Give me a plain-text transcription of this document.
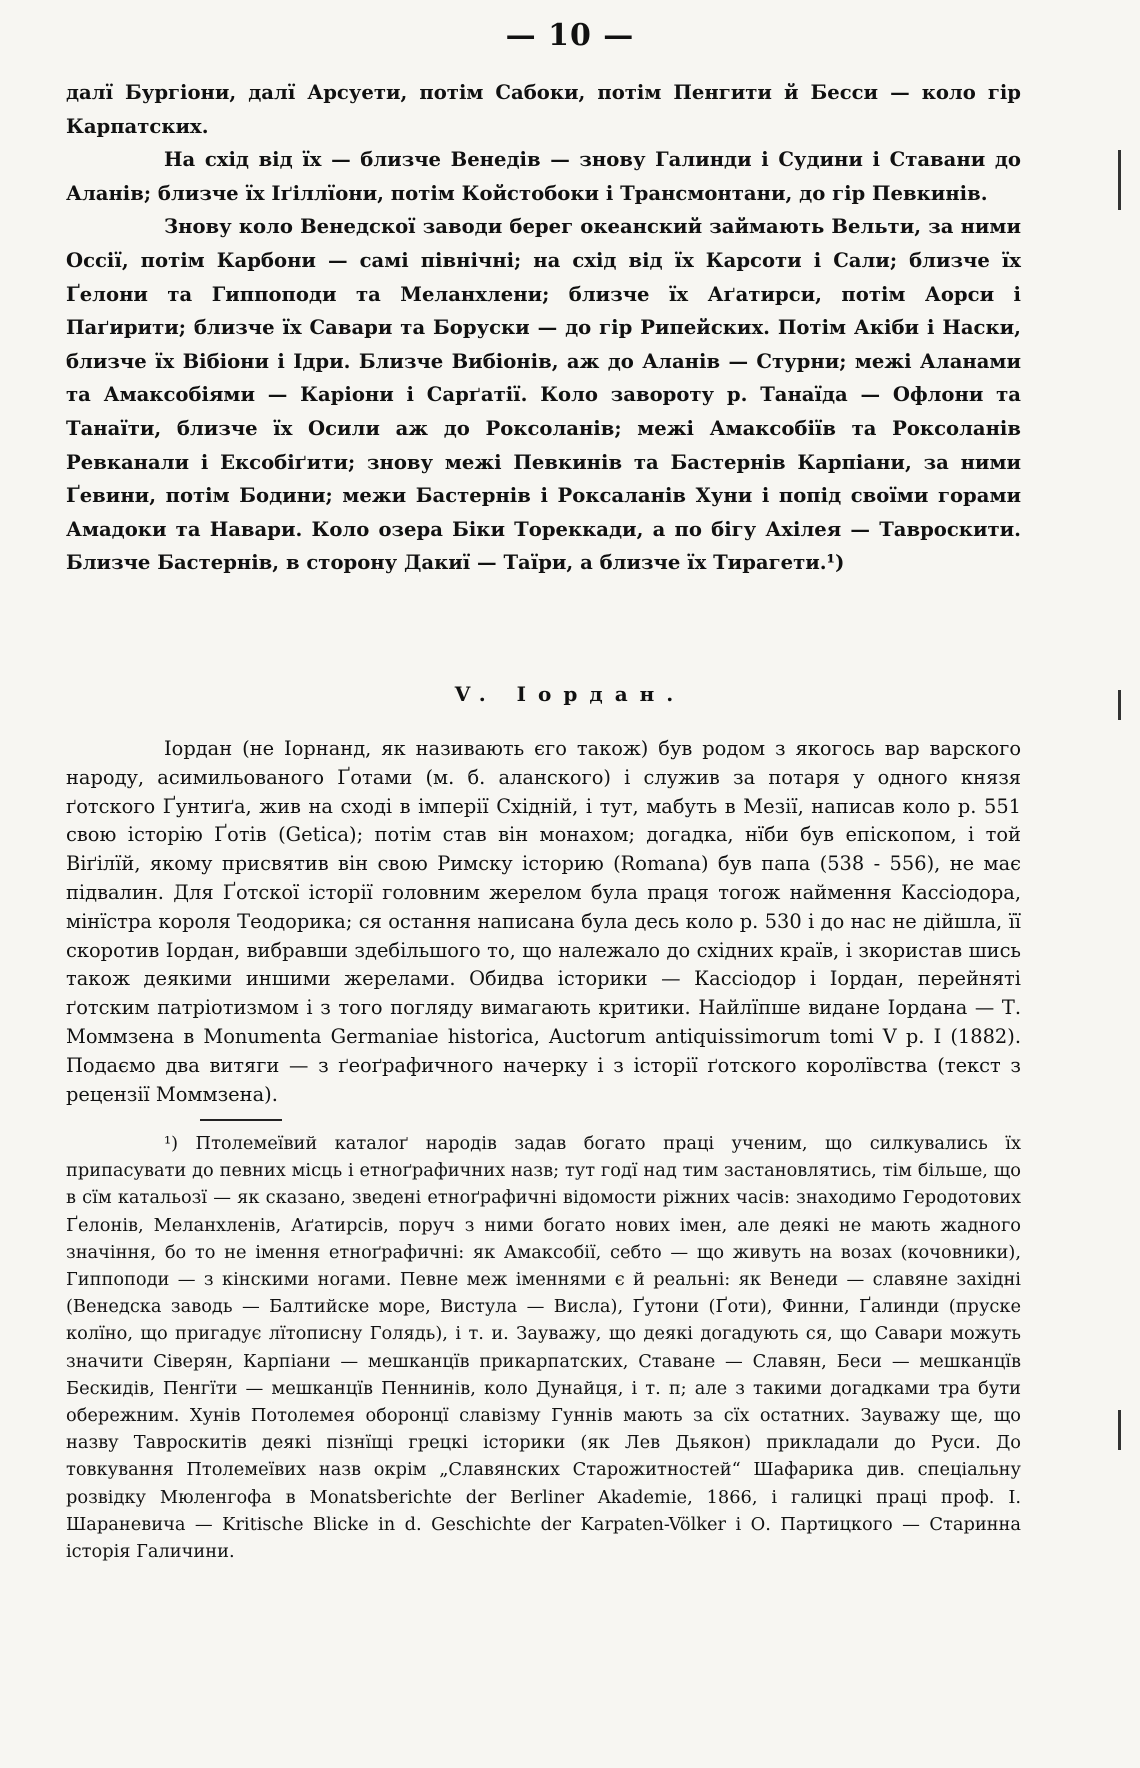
— 10 —

далї Бургіони, далї Арсуети, потім Сабоки, потім Пенгити й Бесси — коло гір Карпатских.

На схід від їх — близче Венедів — знову Галинди і Судини і Ставани до Аланів; близче їх Іґіллїони, потім Койстобоки і Трансмонтани, до гір Певкинів.

Знову коло Венедскої заводи берег океанский займають Вельти, за ними Оссії, потім Карбони — самі північні; на схід від їх Карсоти і Сали; близче їх Ґелони та Гиппоподи та Меланхлени; близче їх Аґатирси, потім Аорси і Паґирити; близче їх Савари та Боруски — до гір Рипейских. Потім Акіби і Наски, близче їх Вібіони і Ідри. Близче Вибіонів, аж до Аланів — Стурни; межі Аланами та Амаксобіями — Каріони і Сарґатії. Коло завороту р. Танаїда — Офлони та Танаїти, близче їх Осили аж до Роксоланів; межі Амаксобіїв та Роксоланів Ревканали і Ексобіґити; знову межі Певкинів та Бастернів Карпіани, за ними Ґевини, потім Бодини; межи Бастернів і Роксаланів Хуни і попід своїми горами Амадоки та Навари. Коло озера Біки Тореккади, а по бігу Ахілея — Тавроскити. Близче Бастернів, в сторону Дакиї — Таїри, а близче їх Тирагети.¹)

V. Іордан.

Іордан (не Іорнанд, як називають єго також) був родом з якогось вар варского народу, асимильованого Ґотами (м. б. аланского) і служив за потаря у одного князя ґотского Ґунтиґа, жив на сході в імперії Східній, і тут, мабуть в Мезії, написав коло р. 551 свою історію Ґотів (Getica); потім став він монахом; догадка, нїби був епіскопом, і той Віґілїй, якому присвятив він свою Римску історию (Romana) був папа (538 - 556), не має підвалин. Для Ґотскої історії головним жерелом була праця тогож наймення Кассіодора, мінїстра короля Теодорика; ся остання написана була десь коло р. 530 і до нас не дійшла, її скоротив Іордан, вибравши здебільшого то, що належало до східних країв, і зкористав шись також деякими иншими жерелами. Обидва історики — Кассіодор і Іордан, перейняті ґотским патріотизмом і з того погляду вимагають критики. Найлїпше видане Іордана — Т. Моммзена в Monumenta Germaniae historica, Auctorum antiquissimorum tomi V p. I (1882). Подаємо два витяги — з ґеоґрафичного начерку і з історії ґотского королївства (текст з рецензії Моммзена).

¹) Птолемеївий каталоґ народів задав богато праці ученим, що силкувались їх припасувати до певних місць і етноґрафичних назв; тут годї над тим застановлятись, тім більше, що в сїм катальозї — як сказано, зведені етноґрафичні відомости ріжних часів: знаходимо Геродотових Ґелонів, Меланхленів, Аґатирсів, поруч з ними богато нових імен, але деякі не мають жадного значіння, бо то не імення етноґрафичні: як Амаксобії, себто — що живуть на возах (кочовники), Гиппоподи — з кінскими ногами. Певне меж іменнями є й реальні: як Венеди — славяне західні (Венедска заводь — Балтийске море, Вистула — Висла), Ґутони (Ґоти), Финни, Ґалинди (пруске колїно, що пригадує лїтописну Голядь), і т. и. Зауважу, що деякі догадують ся, що Савари можуть значити Сіверян, Карпіани — мешканцїв прикарпатских, Ставане — Славян, Беси — мешканцїв Бескидів, Пенгїти — мешканцїв Пеннинів, коло Дунайця, і т. п; але з такими догадками тра бути обережним. Хунів Потолемея оборонцї славізму Гуннів мають за сїх остатних. Зауважу ще, що назву Тавроскитів деякі пізнїщі грецкі історики (як Лев Дьякон) прикладали до Руси. До товкування Птолемеївих назв окрім „Славянских Старожитностей“ Шафарика див. спеціальну розвідку Мюленгофа в Monatsberichte der Berliner Akademie, 1866, і галицкі праці проф. І. Шараневича — Kritische Blicke in d. Geschichte der Karpaten-Völker і О. Партицкого — Старинна історія Галичини.
